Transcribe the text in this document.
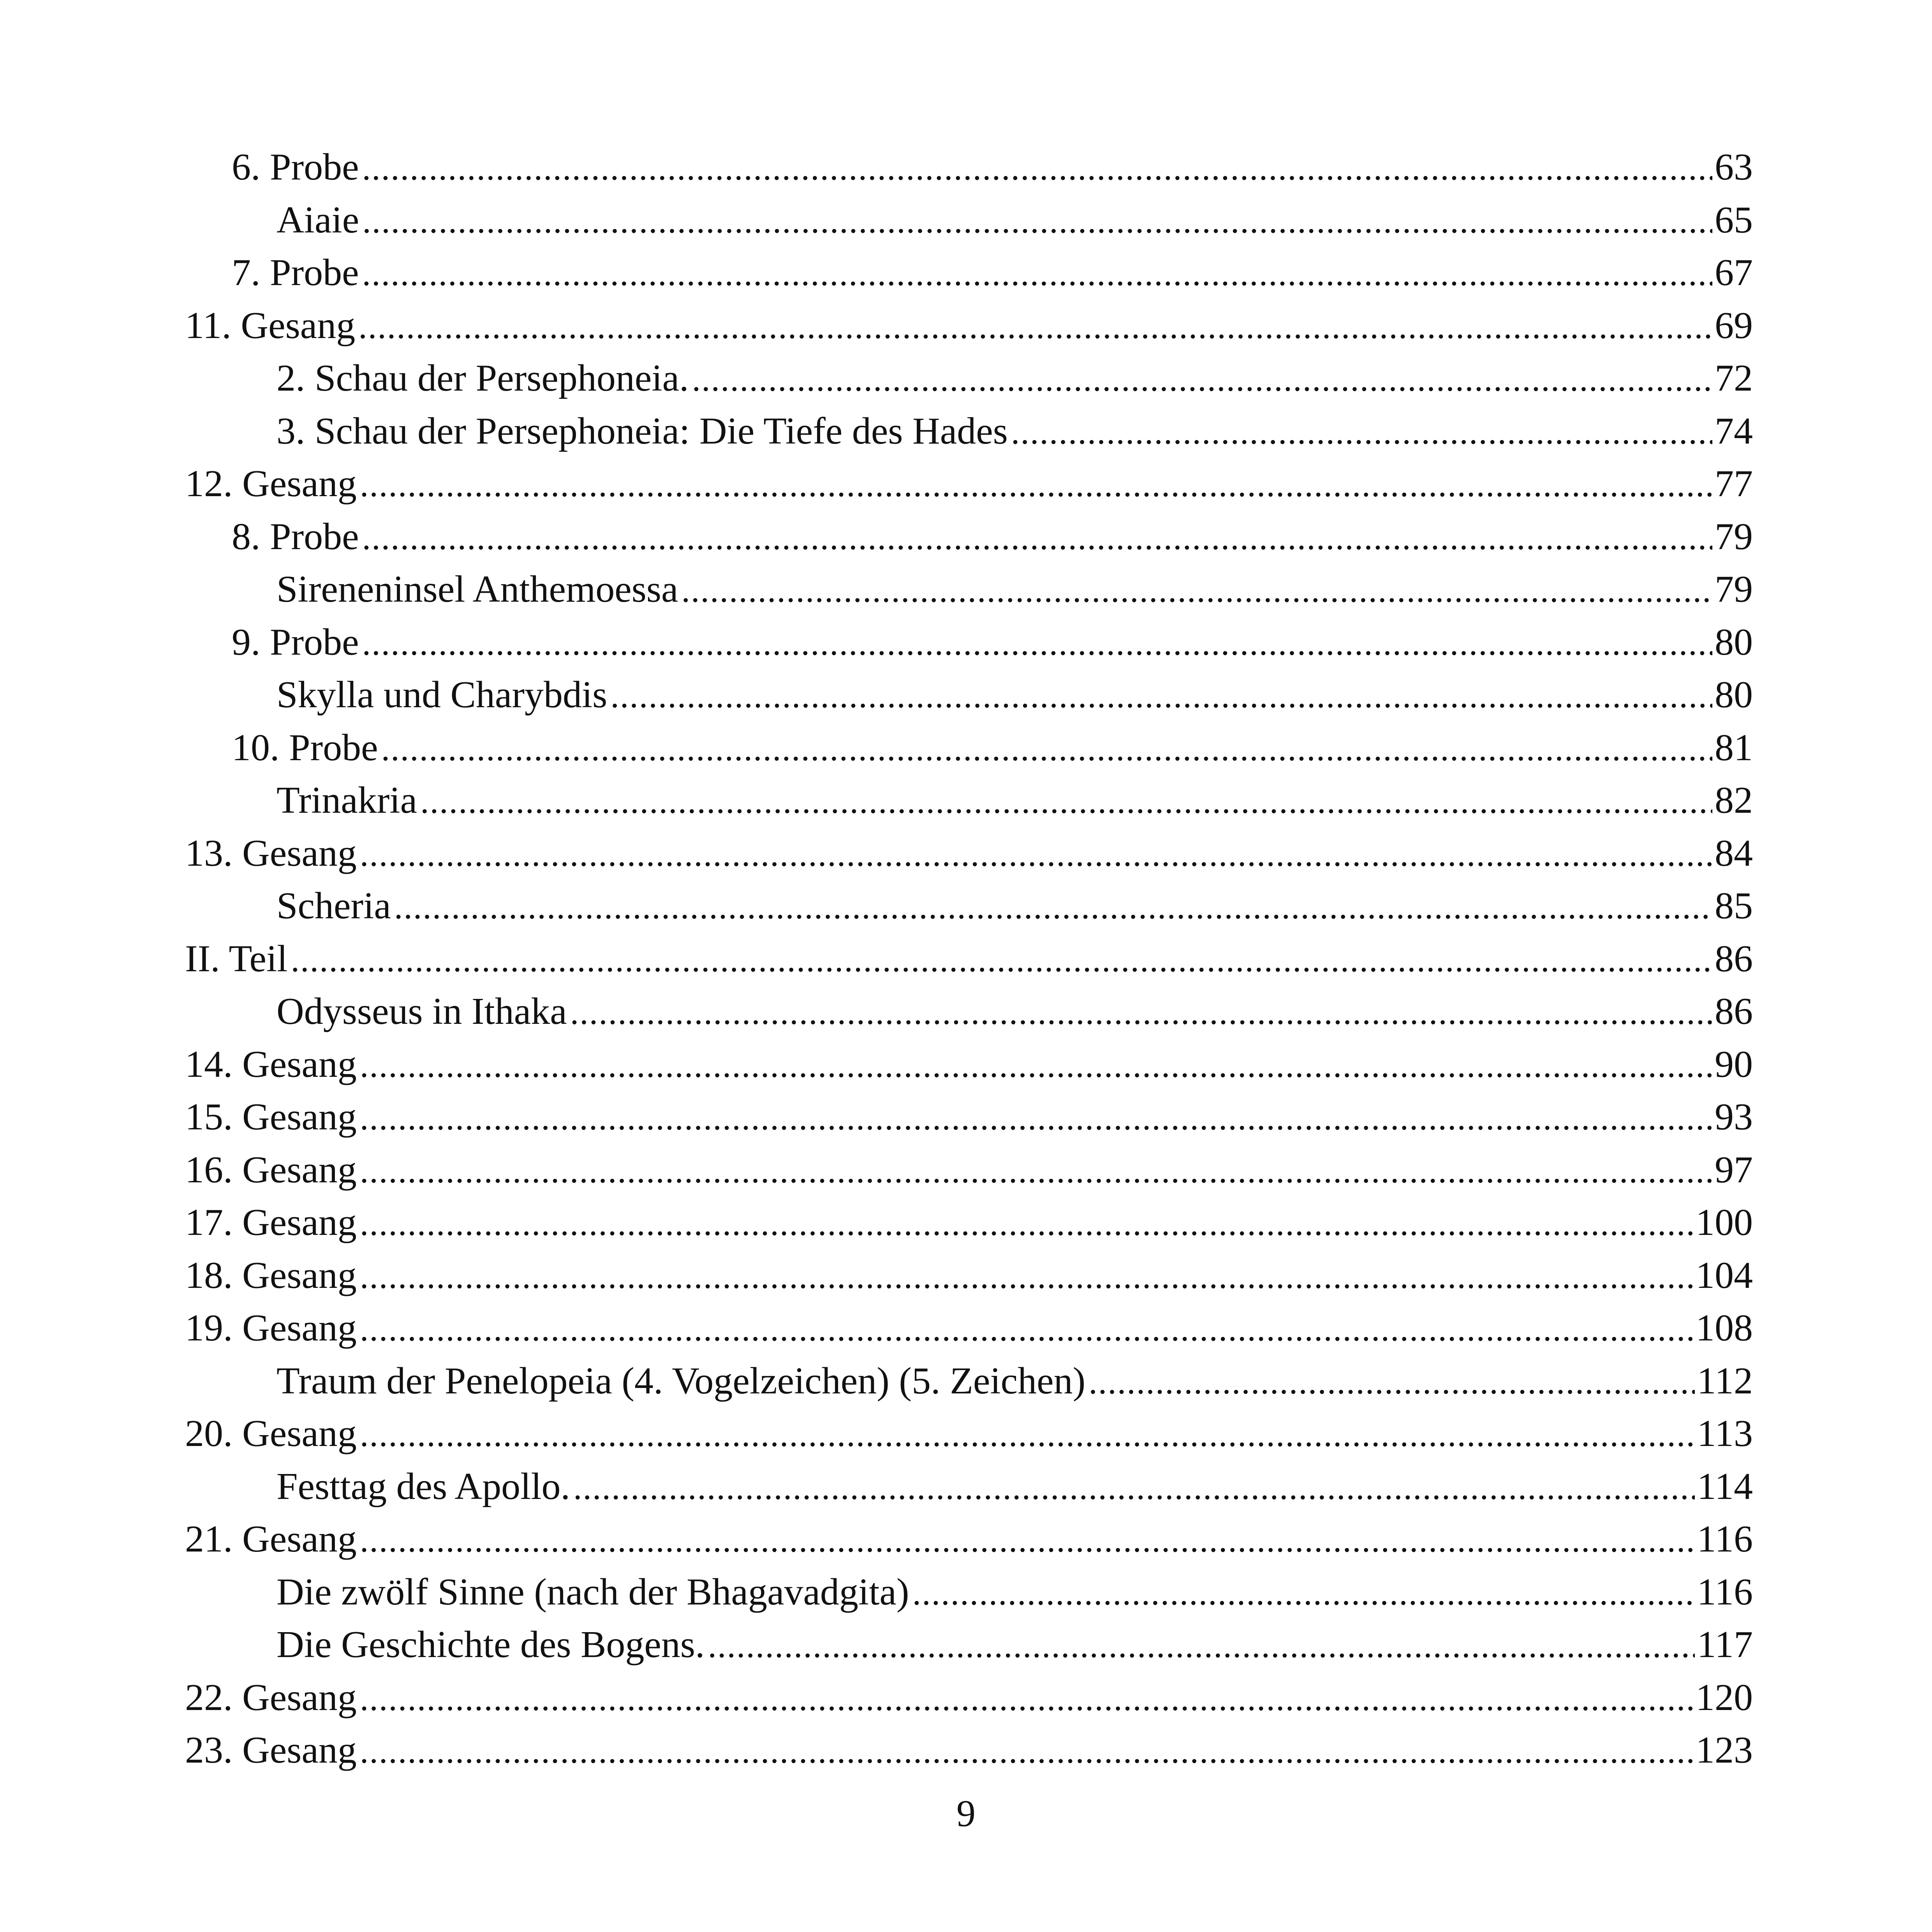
6. Probe .....	63
Aiaie .....	65
7. Probe .....	67
11. Gesang .....	69
2. Schau der Persephoneia. .....	72
3. Schau der Persephoneia: Die Tiefe des Hades .....	74
12. Gesang .....	77
8. Probe .....	79
Sireneninsel Anthemoessa .....	79
9. Probe .....	80
Skylla und Charybdis .....	80
10. Probe .....	81
Trinakria .....	82
13. Gesang .....	84
Scheria .....	85
II. Teil .....	86
Odysseus in Ithaka .....	86
14. Gesang .....	90
15. Gesang .....	93
16. Gesang .....	97
17. Gesang .....	100
18. Gesang .....	104
19. Gesang .....	108
Traum der Penelopeia (4. Vogelzeichen) (5. Zeichen) .....	112
20. Gesang .....	113
Festtag des Apollo. .....	114
21. Gesang .....	116
Die zwölf Sinne (nach der Bhagavadgita) .....	116
Die Geschichte des Bogens. .....	117
22. Gesang .....	120
23. Gesang .....	123
9
